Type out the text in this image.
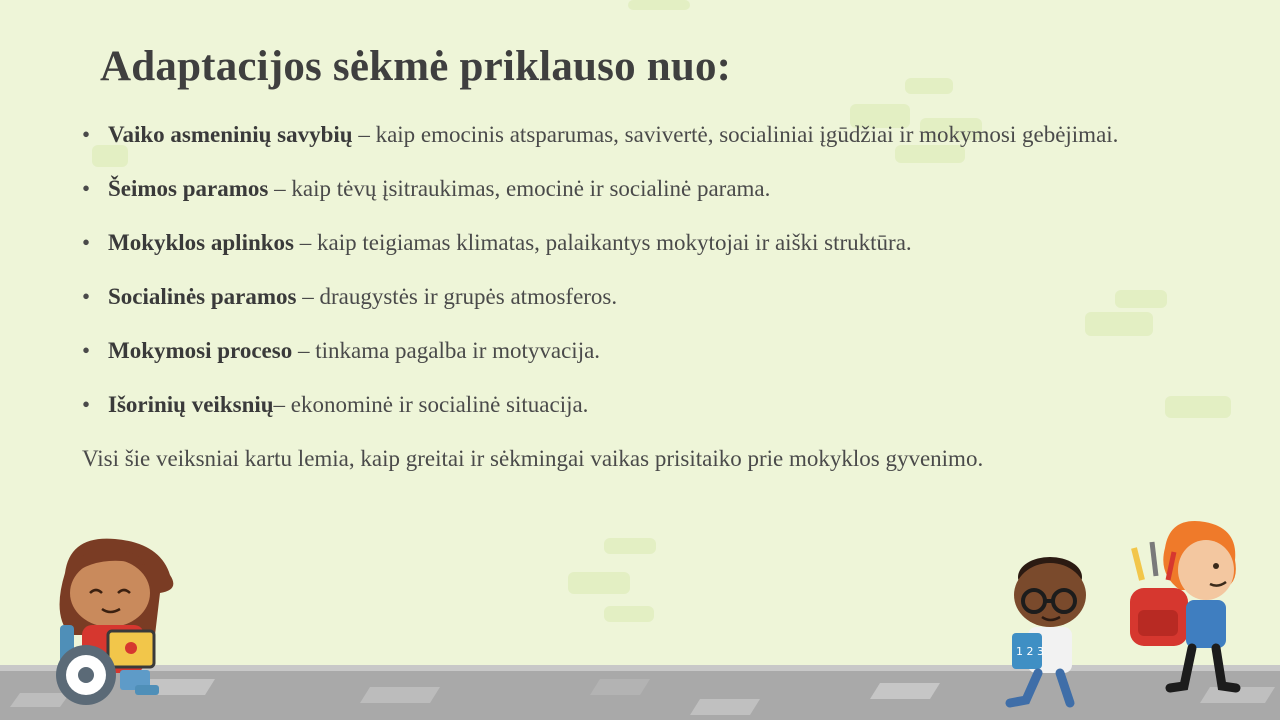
Adaptacijos sėkmė priklauso nuo:
• Vaiko asmeninių savybių – kaip emocinis atsparumas, savivertė, socialiniai įgūdžiai ir mokymosi gebėjimai.
• Šeimos paramos – kaip tėvų įsitraukimas, emocinė ir socialinė parama.
• Mokyklos aplinkos – kaip teigiamas klimatas, palaikantys mokytojai ir aiški struktūra.
• Socialinės paramos – draugystės ir grupės atmosferos.
• Mokymosi proceso – tinkama pagalba ir motyvacija.
• Išorinių veiksnių– ekonominė ir socialinė situacija.

Visi šie veiksniai kartu lemia, kaip greitai ir sėkmingai vaikas prisitaiko prie mokyklos gyvenimo.

1 2 3
